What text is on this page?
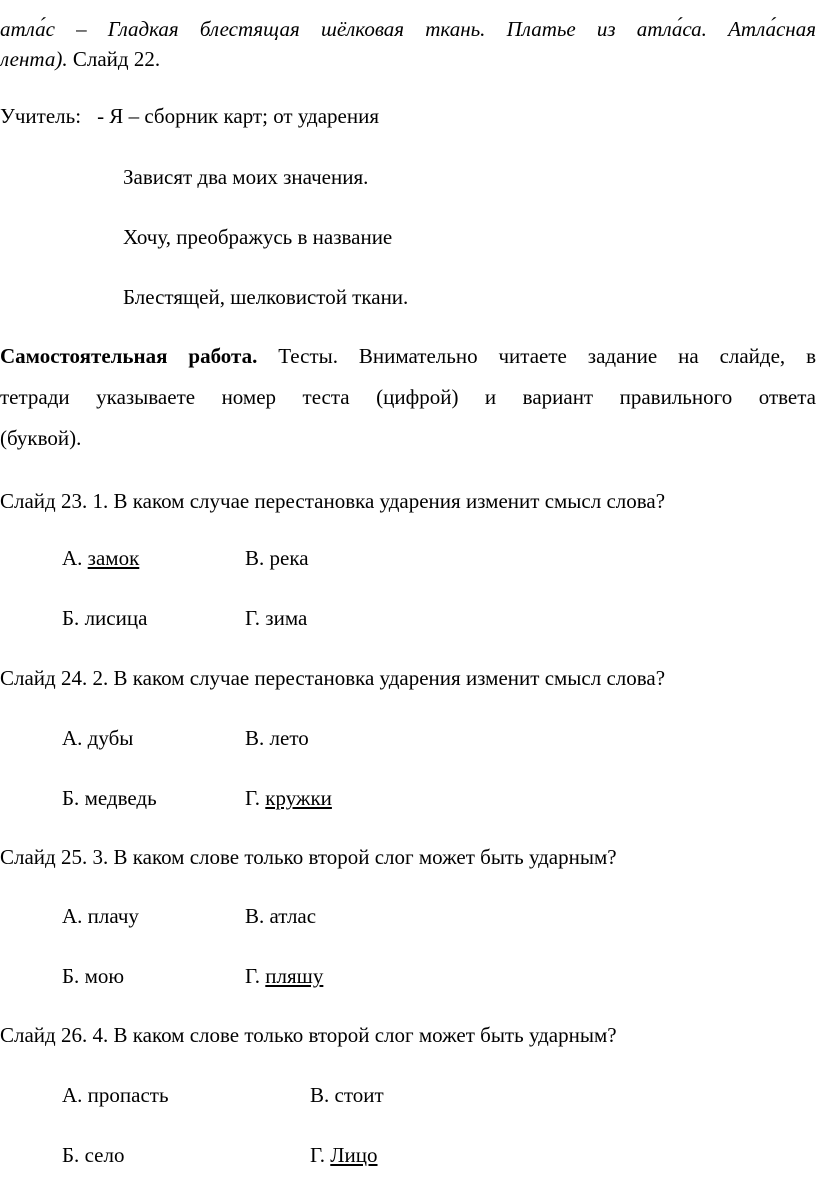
атла́с – Гладкая блестящая шёлковая ткань. Платье из атла́са. Атла́сная
лента). Слайд 22.
Учитель: - Я – сборник карт; от ударения
Зависят два моих значения.
Хочу, преображусь в название
Блестящей, шелковистой ткани.
Самостоятельная работа. Тесты. Внимательно читаете задание на слайде, в
тетради указываете номер теста (цифрой) и вариант правильного ответа
(буквой).
Слайд 23. 1. В каком случае перестановка ударения изменит смысл слова?
А. замок	В. река
Б. лисица	Г. зима
Слайд 24. 2. В каком случае перестановка ударения изменит смысл слова?
А. дубы	В. лето
Б. медведь	Г. кружки
Слайд 25. 3. В каком слове только второй слог может быть ударным?
А. плачу	В. атлас
Б. мою	Г. пляшу
Слайд 26. 4. В каком слове только второй слог может быть ударным?
А. пропасть	В. стоит
Б. село	Г. Лицо
